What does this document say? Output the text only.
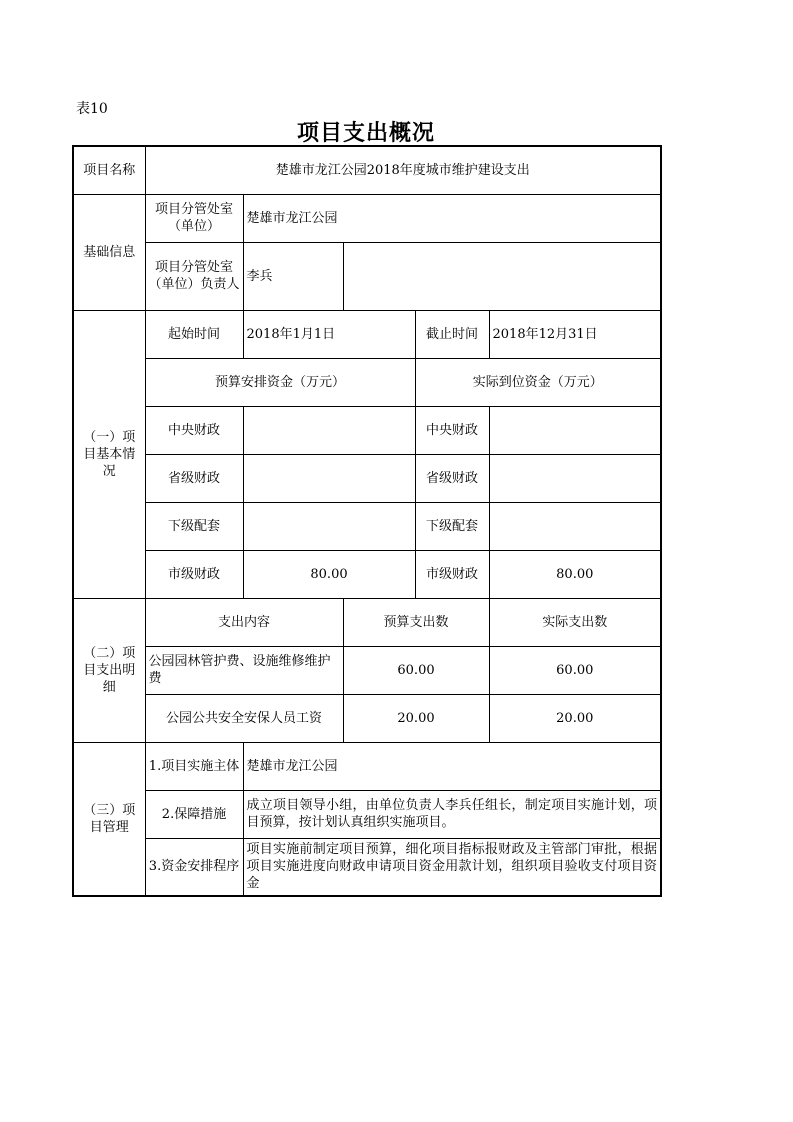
表10
项目支出概况
项目名称	楚雄市龙江公园2018年度城市维护建设支出				
基础信息	项目分管处室（单位）	楚雄市龙江公园			
	项目分管处室（单位）负责人	李兵			
（一）项目基本情况	起始时间	2018年1月1日		截止时间	2018年12月31日
	预算安排资金（万元）			实际到位资金（万元）	
	中央财政			中央财政	
	省级财政			省级财政	
	下级配套			下级配套	
	市级财政	80.00		市级财政	80.00
（二）项目支出明细	支出内容		预算支出数		实际支出数
	公园园林管护费、设施维修维护费		60.00		60.00
	公园公共安全安保人员工资		20.00		20.00
（三）项目管理	1.项目实施主体	楚雄市龙江公园			
	2.保障措施	成立项目领导小组，由单位负责人李兵任组长，制定项目实施计划，项目预算，按计划认真组织实施项目。			
	3.资金安排程序	项目实施前制定项目预算，细化项目指标报财政及主管部门审批，根据项目实施进度向财政申请项目资金用款计划，组织项目验收支付项目资金			
